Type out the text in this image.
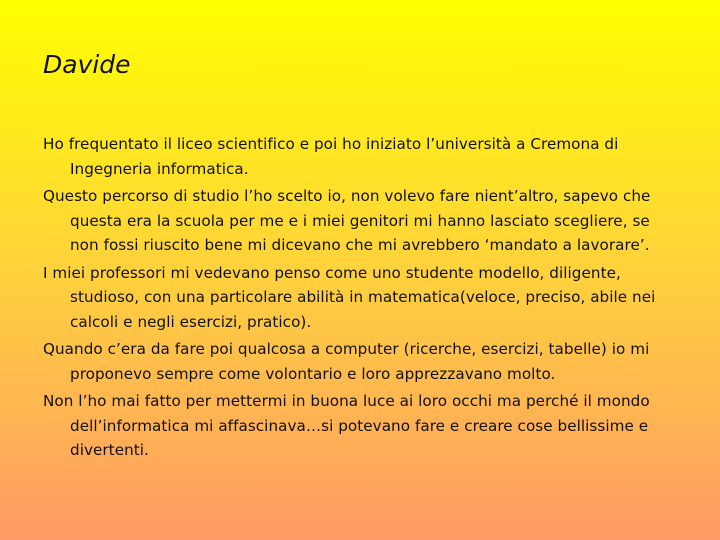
Davide
Ho frequentato il liceo scientifico e poi ho iniziato l’università a Cremona di Ingegneria informatica.
Questo percorso di studio l’ho scelto io, non volevo fare nient’altro, sapevo che questa era la scuola per me e i miei genitori mi hanno lasciato scegliere, se non fossi riuscito bene mi dicevano che mi avrebbero ‘mandato a lavorare’.
I miei professori mi vedevano penso come uno studente modello, diligente, studioso, con una particolare abilità in matematica(veloce, preciso, abile nei calcoli e negli esercizi, pratico).
Quando c’era da fare poi qualcosa a computer (ricerche, esercizi, tabelle) io mi proponevo sempre come volontario e loro apprezzavano molto.
Non l’ho mai fatto per mettermi in buona luce ai loro occhi ma perché il mondo dell’informatica mi affascinava…si potevano fare e creare cose bellissime e divertenti.
